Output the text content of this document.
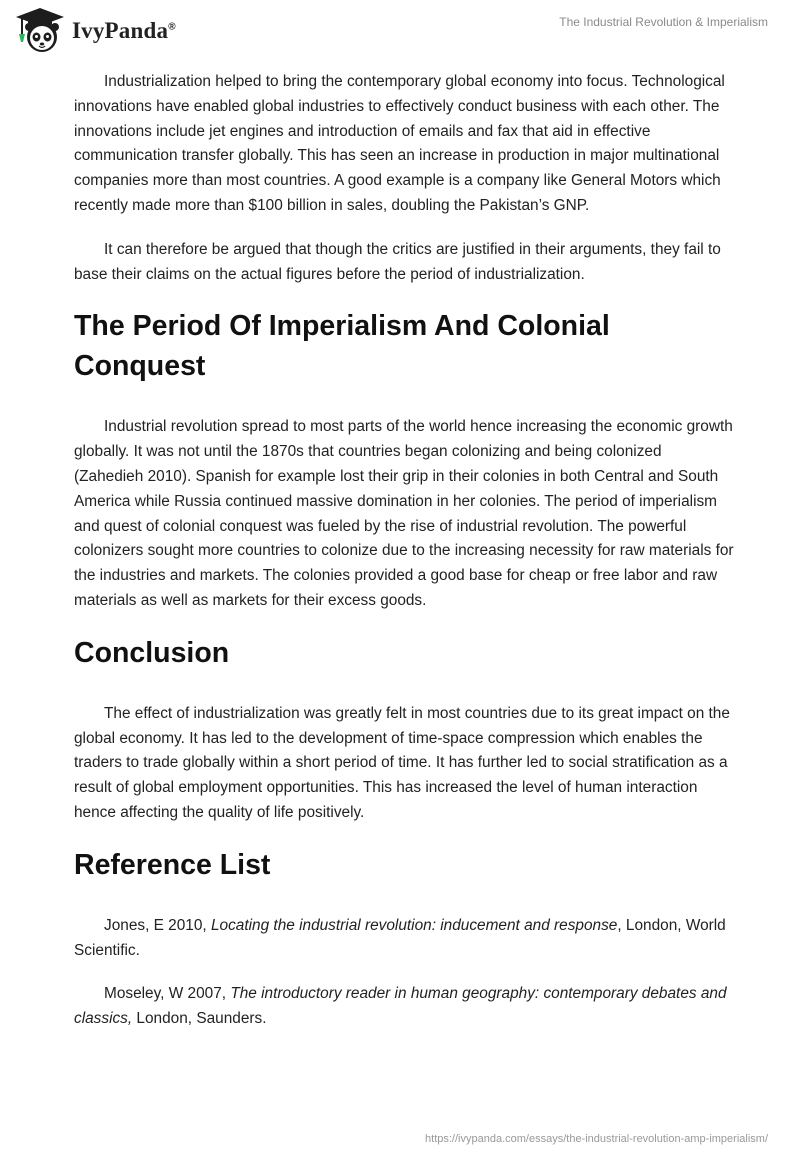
IvyPanda®	The Industrial Revolution & Imperialism

Industrialization helped to bring the contemporary global economy into focus. Technological innovations have enabled global industries to effectively conduct business with each other. The innovations include jet engines and introduction of emails and fax that aid in effective communication transfer globally. This has seen an increase in production in major multinational companies more than most countries. A good example is a company like General Motors which recently made more than $100 billion in sales, doubling the Pakistan’s GNP.

It can therefore be argued that though the critics are justified in their arguments, they fail to base their claims on the actual figures before the period of industrialization.

The Period Of Imperialism And Colonial Conquest

Industrial revolution spread to most parts of the world hence increasing the economic growth globally. It was not until the 1870s that countries began colonizing and being colonized (Zahedieh 2010). Spanish for example lost their grip in their colonies in both Central and South America while Russia continued massive domination in her colonies. The period of imperialism and quest of colonial conquest was fueled by the rise of industrial revolution. The powerful colonizers sought more countries to colonize due to the increasing necessity for raw materials for the industries and markets. The colonies provided a good base for cheap or free labor and raw materials as well as markets for their excess goods.

Conclusion

The effect of industrialization was greatly felt in most countries due to its great impact on the global economy. It has led to the development of time-space compression which enables the traders to trade globally within a short period of time. It has further led to social stratification as a result of global employment opportunities. This has increased the level of human interaction hence affecting the quality of life positively.

Reference List

Jones, E 2010, Locating the industrial revolution: inducement and response, London, World Scientific.

Moseley, W 2007, The introductory reader in human geography: contemporary debates and classics, London, Saunders.

https://ivypanda.com/essays/the-industrial-revolution-amp-imperialism/
